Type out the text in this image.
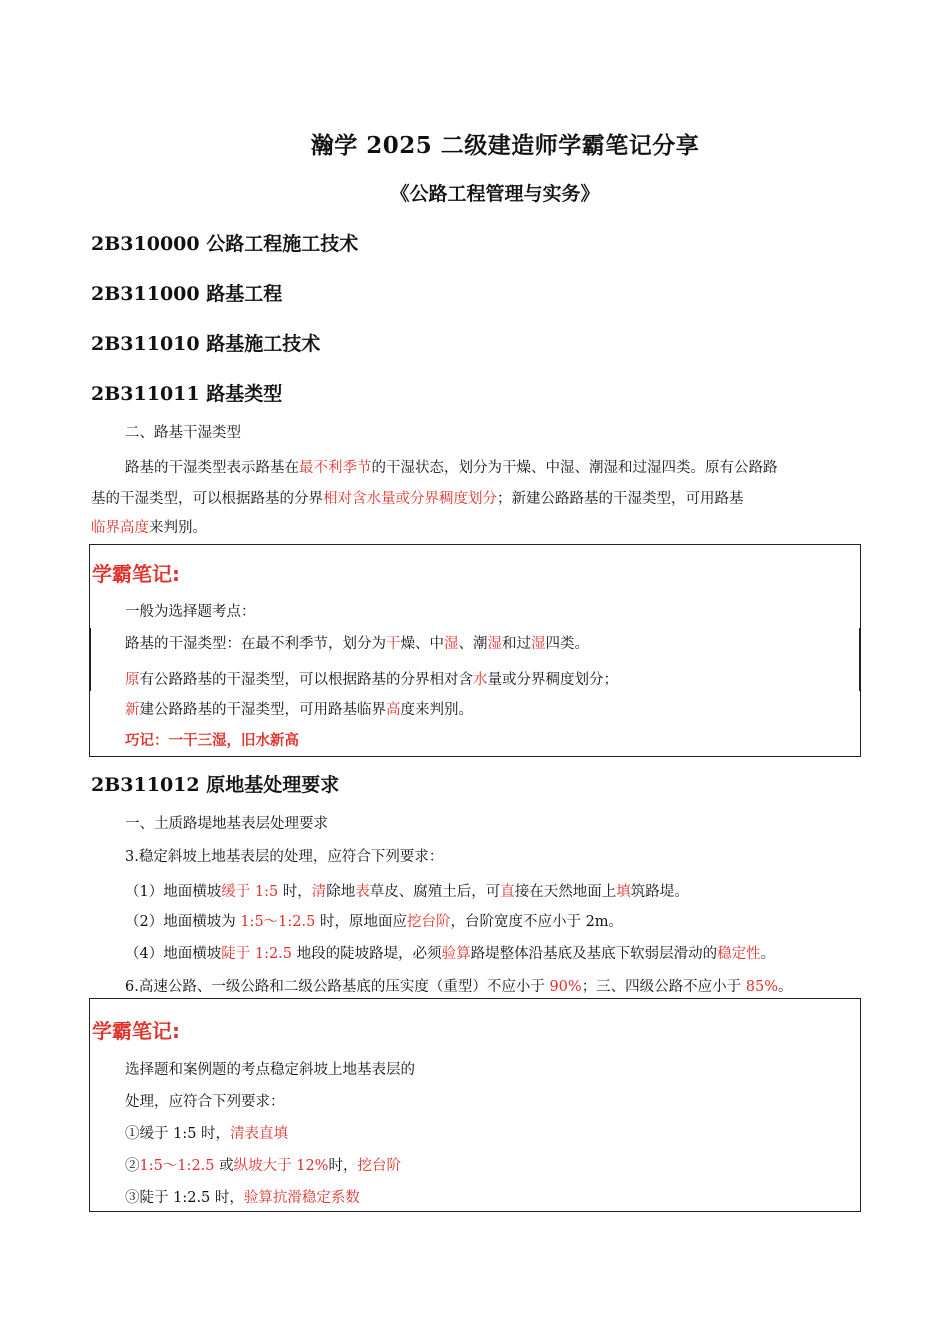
瀚学 2025 二级建造师学霸笔记分享
《公路工程管理与实务》
2B310000 公路工程施工技术
2B311000 路基工程
2B311010 路基施工技术
2B311011 路基类型
二、路基干湿类型
路基的干湿类型表示路基在最不利季节的干湿状态，划分为干燥、中湿、潮湿和过湿四类。原有公路路
基的干湿类型，可以根据路基的分界相对含水量或分界稠度划分；新建公路路基的干湿类型，可用路基
临界高度来判别。
学霸笔记:
一般为选择题考点：
路基的干湿类型：在最不利季节，划分为干燥、中湿、潮湿和过湿四类。
原有公路路基的干湿类型，可以根据路基的分界相对含水量或分界稠度划分；
新建公路路基的干湿类型，可用路基临界高度来判别。
巧记：一干三湿，旧水新高
2B311012 原地基处理要求
一、土质路堤地基表层处理要求
3.稳定斜坡上地基表层的处理，应符合下列要求：
（1）地面横坡缓于 1:5 时，清除地表草皮、腐殖土后，可直接在天然地面上填筑路堤。
（2）地面横坡为 1:5～1:2.5 时，原地面应挖台阶，台阶宽度不应小于 2m。
（4）地面横坡陡于 1:2.5 地段的陡坡路堤，必须验算路堤整体沿基底及基底下软弱层滑动的稳定性。
6.高速公路、一级公路和二级公路基底的压实度（重型）不应小于 90%；三、四级公路不应小于 85%。
学霸笔记:
选择题和案例题的考点稳定斜坡上地基表层的
处理，应符合下列要求：
①缓于 1:5 时，清表直填
②1:5～1:2.5 或纵坡大于 12%时，挖台阶
③陡于 1:2.5 时，验算抗滑稳定系数
